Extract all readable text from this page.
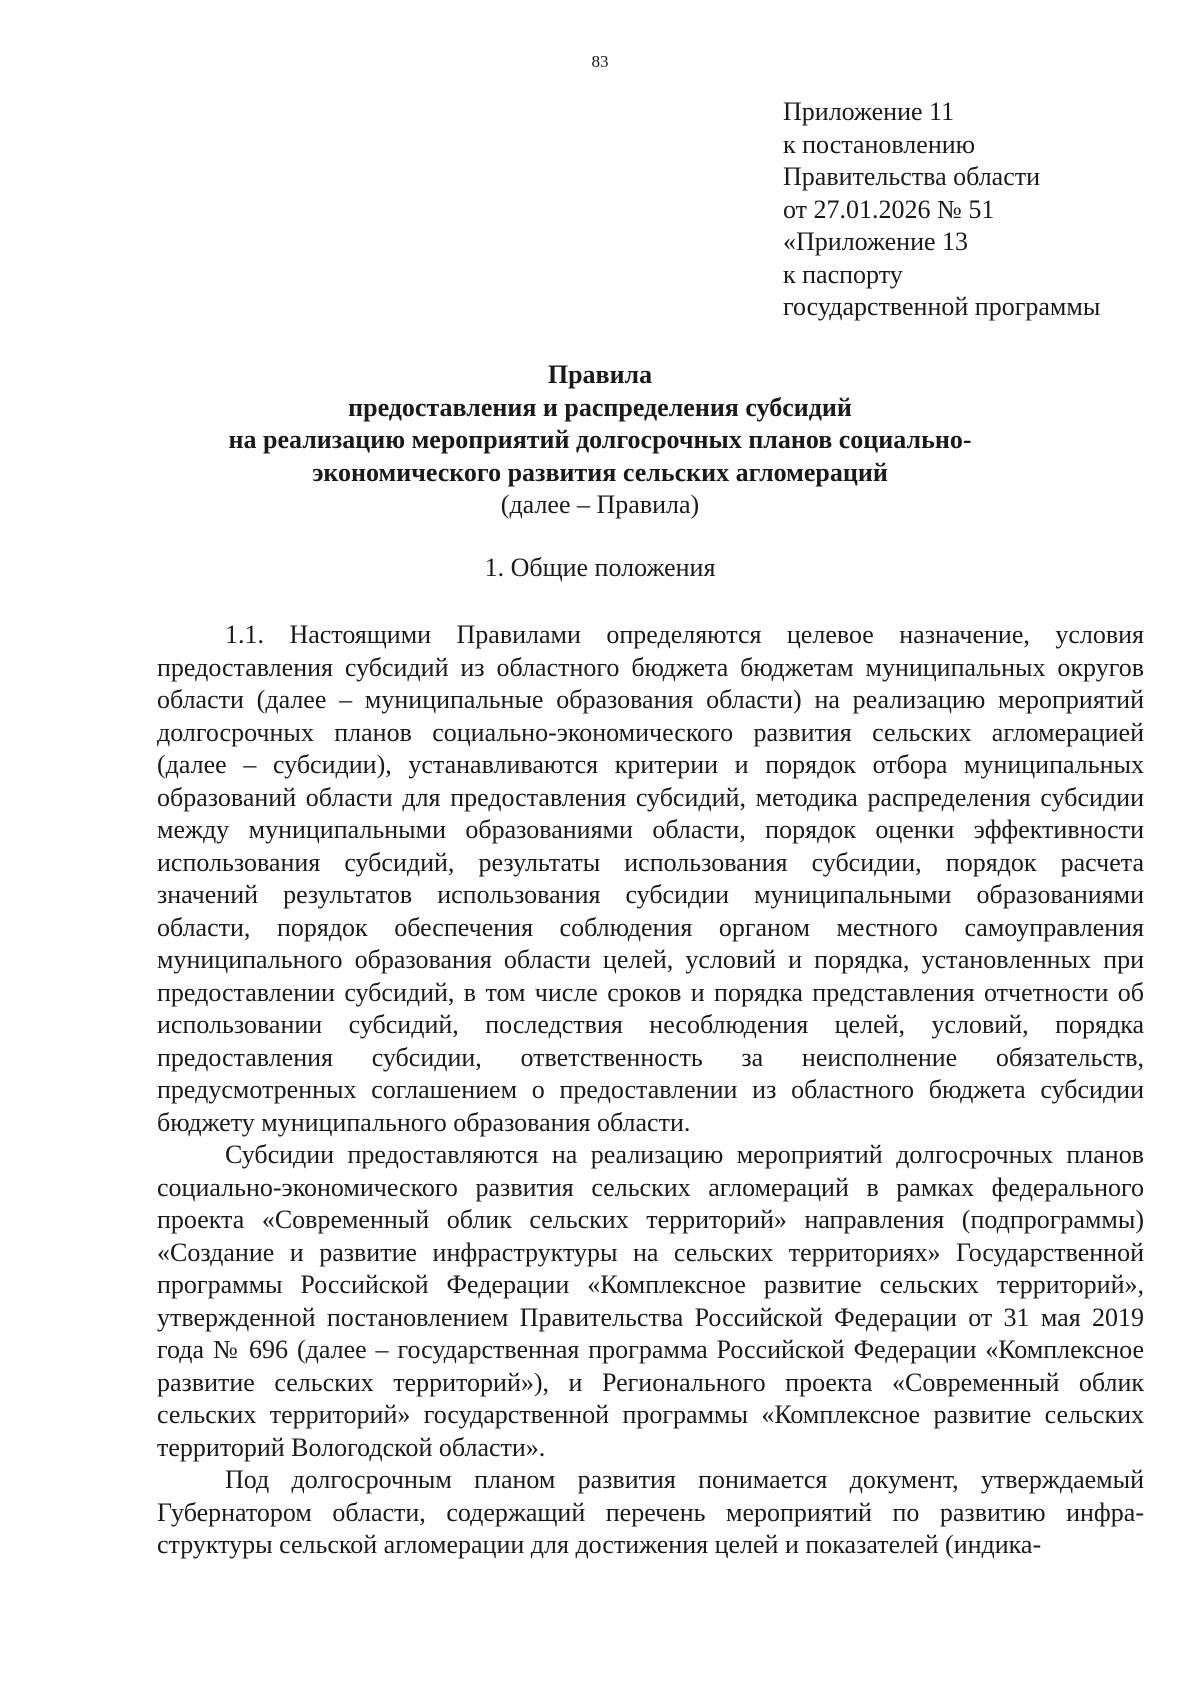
83
Приложение 11
к постановлению
Правительства области
от 27.01.2026 № 51
«Приложение 13
к паспорту
государственной программы
Правила
предоставления и распределения субсидий
на реализацию мероприятий долгосрочных планов социально-
экономического развития сельских агломераций
(далее – Правила)
1. Общие положения

1.1. Настоящими Правилами определяются целевое назначение, условия предоставления субсидий из областного бюджета бюджетам муниципальных округов области (далее – муниципальные образования области) на реализацию мероприятий долгосрочных планов социально-экономического развития сельских агломерацией (далее – субсидии), устанавливаются критерии и порядок отбора муниципальных образований области для предоставления субсидий, методика распределения субсидии между муниципальными образованиями области, порядок оценки эффективности использования субсидий, результаты использования субсидии, порядок расчета значений результатов использования субсидии муниципальными образованиями области, порядок обеспечения соблюдения органом местного самоуправления муниципального образования области целей, условий и порядка, установленных при предоставлении субсидий, в том числе сроков и порядка представления отчетности об использовании субсидий, последствия несоблюдения целей, условий, порядка предоставления субсидии, ответственность за неисполнение обязательств, предусмотренных соглашением о предоставлении из областного бюджета субсидии бюджету муниципального образования области.

Субсидии предоставляются на реализацию мероприятий долгосрочных планов социально-экономического развития сельских агломераций в рамках федерального проекта «Современный облик сельских территорий» направления (подпрограммы) «Создание и развитие инфраструктуры на сельских территориях» Государственной программы Российской Федерации «Комплексное развитие сельских территорий», утвержденной постановлением Правительства Российской Федерации от 31 мая 2019 года № 696 (далее – государственная программа Российской Федерации «Комплексное развитие сельских территорий»), и Регионального проекта «Современный облик сельских территорий» государственной программы «Комплексное развитие сельских территорий Вологодской области».

Под долгосрочным планом развития понимается документ, утверждаемый Губернатором области, содержащий перечень мероприятий по развитию инфраструктуры сельской агломерации для достижения целей и показателей (индика-
